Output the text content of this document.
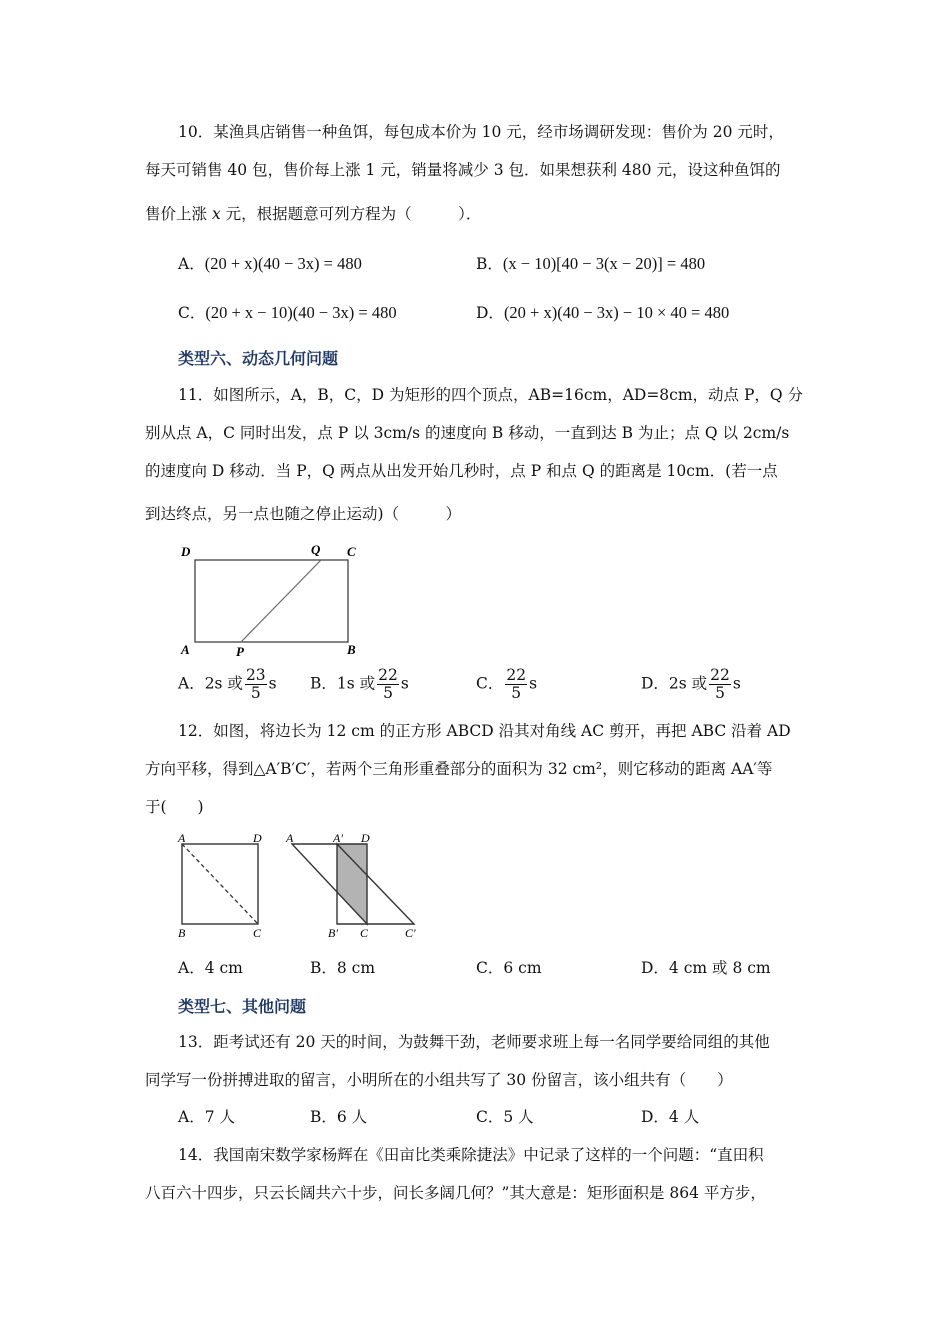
10．某渔具店销售一种鱼饵，每包成本价为 10 元，经市场调研发现：售价为 20 元时，
每天可销售 40 包，售价每上涨 1 元，销量将减少 3 包．如果想获利 480 元，设这种鱼饵的
售价上涨 x 元，根据题意可列方程为（　　　）．
A．(20 + x)(40 − 3x) = 480	B．(x − 10)[40 − 3(x − 20)] = 480
C．(20 + x − 10)(40 − 3x) = 480	D．(20 + x)(40 − 3x) − 10 × 40 = 480
类型六、动态几何问题
11．如图所示，A，B，C，D 为矩形的四个顶点，AB=16cm，AD=8cm，动点 P，Q 分
别从点 A，C 同时出发，点 P 以 3cm/s 的速度向 B 移动，一直到达 B 为止；点 Q 以 2cm/s
的速度向 D 移动．当 P，Q 两点从出发开始几秒时，点 P 和点 Q 的距离是 10cm．(若一点
到达终点，另一点也随之停止运动)（　　　）
D	Q C
A	P	B
A．2s 或 $\frac{23}{5}$ s B．1s 或 $\frac{22}{5}$ s	C． $\frac{22}{5}$ s	D．2s 或 $\frac{22}{5}$ s
12．如图，将边长为 12 cm 的正方形 ABCD 沿其对角线 AC 剪开，再把 ABC 沿着 AD
方向平移，得到△A′B′C′，若两个三角形重叠部分的面积为 32 cm²，则它移动的距离 AA′等
于(　　)
A	D
B	C
A	A′ D
B′ C	C′
A．4 cm	B．8 cm	C．6 cm	D．4 cm 或 8 cm
类型七、其他问题
13．距考试还有 20 天的时间，为鼓舞干劲，老师要求班上每一名同学要给同组的其他
同学写一份拼搏进取的留言，小明所在的小组共写了 30 份留言，该小组共有（　　）
A．7 人	B．6 人	C．5 人	D．4 人
14．我国南宋数学家杨辉在《田亩比类乘除捷法》中记录了这样的一个问题：“直田积
八百六十四步，只云长阔共六十步，问长多阔几何？”其大意是：矩形面积是 864 平方步，
